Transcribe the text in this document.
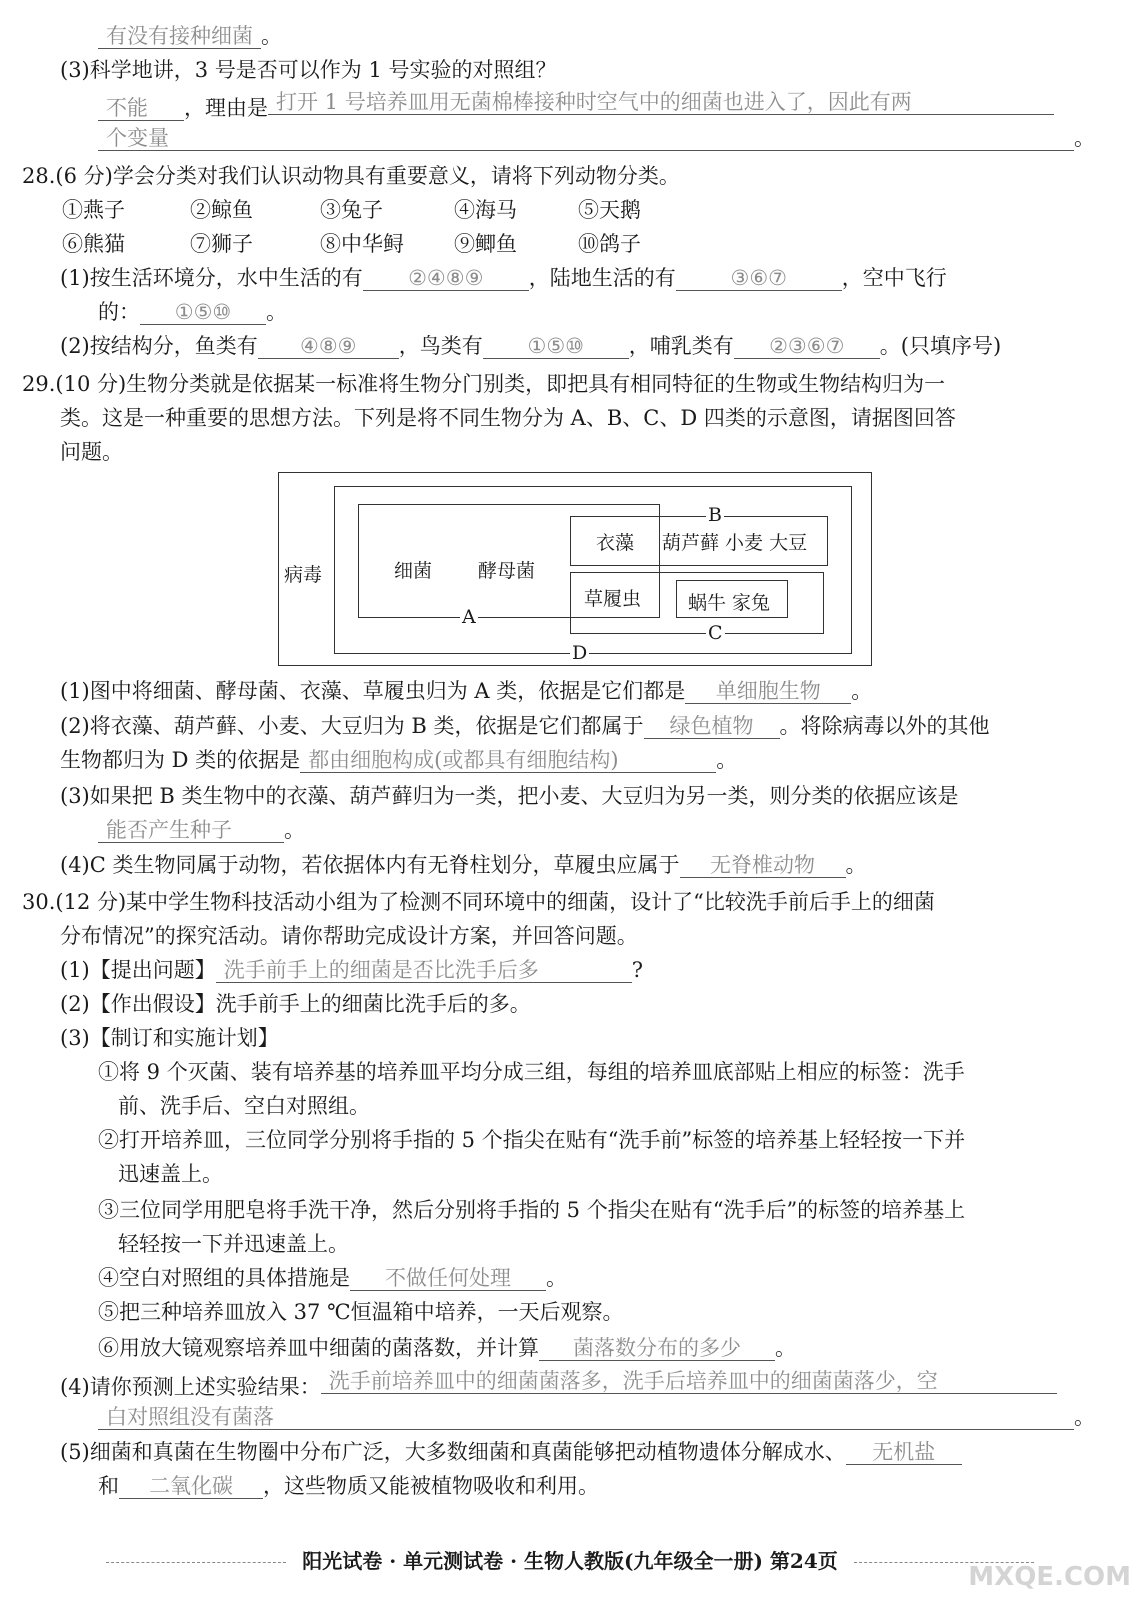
有没有接种细菌 。
(3)科学地讲，3 号是否可以作为 1 号实验的对照组？
不能 ，理由是 打开 1 号培养皿用无菌棉棒接种时空气中的细菌也进入了，因此有两
个变量	。
28.(6 分)学会分类对我们认识动物具有重要意义，请将下列动物分类。
①燕子	②鲸鱼	③兔子	④海马	⑤天鹅
⑥熊猫	⑦狮子	⑧中华鲟 ⑨鲫鱼	⑩鸽子
(1)按生活环境分，水中生活的有 ②④⑧⑨ ，陆地生活的有	③⑥⑦	，空中飞行
的： ①⑤⑩ 。
(2)按结构分，鱼类有 ④⑧⑨ ，鸟类有 ①⑤⑩ ，哺乳类有 ②③⑥⑦ 。(只填序号)
29.(10 分)生物分类就是依据某一标准将生物分门别类，即把具有相同特征的生物或生物结构归为一
类。这是一种重要的思想方法。下列是将不同生物分为 A、B、C、D 四类的示意图，请据图回答
问题。
病毒	细菌 酵母菌
衣藻 葫芦藓 小麦 大豆
草履虫 蜗牛 家兔
A
B
C
D
(1)图中将细菌、酵母菌、衣藻、草履虫归为 A 类，依据是它们都是 单细胞生物 。
(2)将衣藻、葫芦藓、小麦、大豆归为 B 类，依据是它们都属于 绿色植物 。将除病毒以外的其他
生物都归为 D 类的依据是 都由细胞构成(或都具有细胞结构)	。
(3)如果把 B 类生物中的衣藻、葫芦藓归为一类，把小麦、大豆归为另一类，则分类的依据应该是
能否产生种子 。
(4)C 类生物同属于动物，若依据体内有无脊柱划分，草履虫应属于 无脊椎动物 。
30.(12 分)某中学生物科技活动小组为了检测不同环境中的细菌，设计了“比较洗手前后手上的细菌
分布情况”的探究活动。请你帮助完成设计方案，并回答问题。
(1)【提出问题】 洗手前手上的细菌是否比洗手后多	?
(2)【作出假设】洗手前手上的细菌比洗手后的多。
(3)【制订和实施计划】
①将 9 个灭菌、装有培养基的培养皿平均分成三组，每组的培养皿底部贴上相应的标签：洗手
前、洗手后、空白对照组。
②打开培养皿，三位同学分别将手指的 5 个指尖在贴有“洗手前”标签的培养基上轻轻按一下并
迅速盖上。
③三位同学用肥皂将手洗干净，然后分别将手指的 5 个指尖在贴有“洗手后”的标签的培养基上
轻轻按一下并迅速盖上。
④空白对照组的具体措施是 不做任何处理 。
⑤把三种培养皿放入 37 ℃恒温箱中培养，一天后观察。
⑥用放大镜观察培养皿中细菌的菌落数，并计算 菌落数分布的多少 。
(4)请你预测上述实验结果： 洗手前培养皿中的细菌菌落多，洗手后培养皿中的细菌菌落少，空
白对照组没有菌落	。
(5)细菌和真菌在生物圈中分布广泛，大多数细菌和真菌能够把动植物遗体分解成水、 无机盐
和 二氧化碳 ，这些物质又能被植物吸收和利用。
阳光试卷 · 单元测试卷 · 生物人教版(九年级全一册) 第24页
MXQE.COM
